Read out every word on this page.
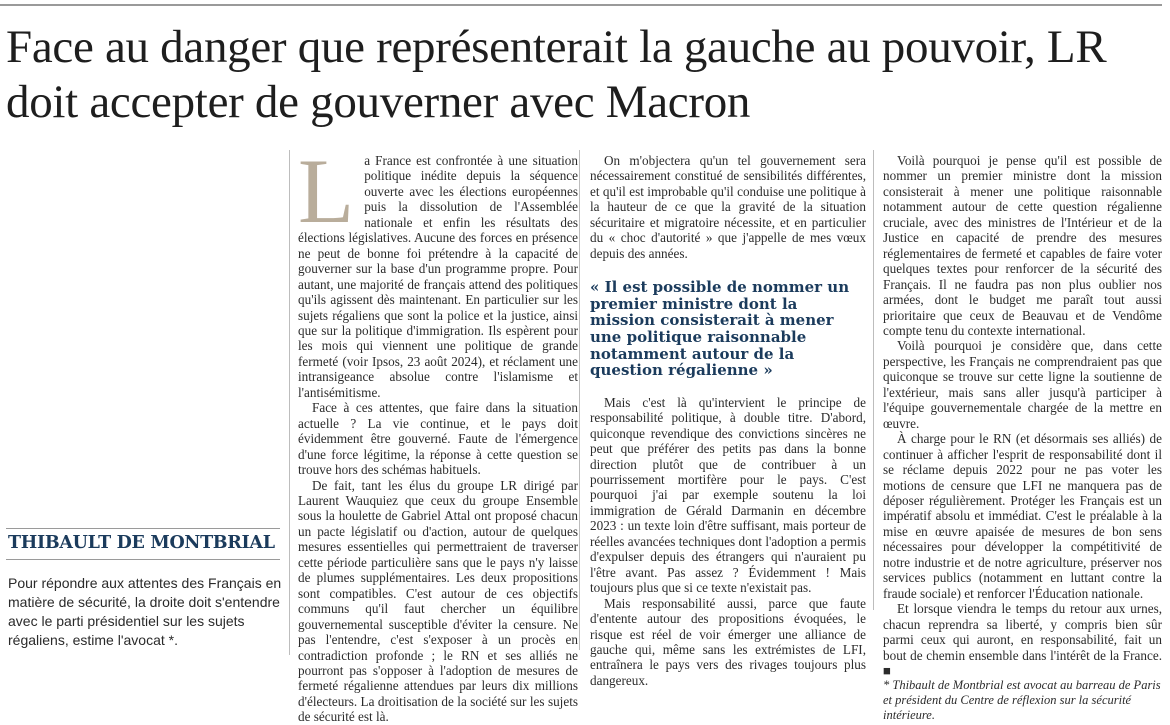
Face au danger que représenterait la gauche au pouvoir, LR doit accepter de gouverner avec Macron
THIBAULT DE MONTBRIAL
Pour répondre aux attentes des Français en matière de sécurité, la droite doit s'entendre avec le parti présidentiel sur les sujets régaliens, estime l'avocat *.

La France est confrontée à une situation politique inédite depuis la séquence ouverte avec les élections européennes puis la dissolution de l'Assemblée nationale et enfin les résultats des élections législatives. Aucune des forces en présence ne peut de bonne foi prétendre à la capacité de gouverner sur la base d'un programme propre. Pour autant, une majorité de français attend des politiques qu'ils agissent dès maintenant. En particulier sur les sujets régaliens que sont la police et la justice, ainsi que sur la politique d'immigration. Ils espèrent pour les mois qui viennent une politique de grande fermeté (voir Ipsos, 23 août 2024), et réclament une intransigeance absolue contre l'islamisme et l'antisémitisme.

Face à ces attentes, que faire dans la situation actuelle ? La vie continue, et le pays doit évidemment être gouverné. Faute de l'émergence d'une force légitime, la réponse à cette question se trouve hors des schémas habituels.

De fait, tant les élus du groupe LR dirigé par Laurent Wauquiez que ceux du groupe Ensemble sous la houlette de Gabriel Attal ont proposé chacun un pacte législatif ou d'action, autour de quelques mesures essentielles qui permettraient de traverser cette période particulière sans que le pays n'y laisse de plumes supplémentaires. Les deux propositions sont compatibles. C'est autour de ces objectifs communs qu'il faut chercher un équilibre gouvernemental susceptible d'éviter la censure. Ne pas l'entendre, c'est s'exposer à un procès en contradiction profonde ; le RN et ses alliés ne pourront pas s'opposer à l'adoption de mesures de fermeté régalienne attendues par leurs dix millions d'électeurs. La droitisation de la société sur les sujets de sécurité est là.

On m'objectera qu'un tel gouvernement sera nécessairement constitué de sensibilités différentes, et qu'il est improbable qu'il conduise une politique à la hauteur de ce que la gravité de la situation sécuritaire et migratoire nécessite, et en particulier du « choc d'autorité » que j'appelle de mes vœux depuis des années.

« Il est possible de nommer un premier ministre dont la mission consisterait à mener une politique raisonnable notamment autour de la question régalienne »

Mais c'est là qu'intervient le principe de responsabilité politique, à double titre. D'abord, quiconque revendique des convictions sincères ne peut que préférer des petits pas dans la bonne direction plutôt que de contribuer à un pourrissement mortifère pour le pays. C'est pourquoi j'ai par exemple soutenu la loi immigration de Gérald Darmanin en décembre 2023 : un texte loin d'être suffisant, mais porteur de réelles avancées techniques dont l'adoption a permis d'expulser depuis des étrangers qui n'auraient pu l'être avant. Pas assez ? Évidemment ! Mais toujours plus que si ce texte n'existait pas.

Mais responsabilité aussi, parce que faute d'entente autour des propositions évoquées, le risque est réel de voir émerger une alliance de gauche qui, même sans les extrémistes de LFI, entraînera le pays vers des rivages toujours plus dangereux.

Voilà pourquoi je pense qu'il est possible de nommer un premier ministre dont la mission consisterait à mener une politique raisonnable notamment autour de cette question régalienne cruciale, avec des ministres de l'Intérieur et de la Justice en capacité de prendre des mesures réglementaires de fermeté et capables de faire voter quelques textes pour renforcer de la sécurité des Français. Il ne faudra pas non plus oublier nos armées, dont le budget me paraît tout aussi prioritaire que ceux de Beauvau et de Vendôme compte tenu du contexte international.

Voilà pourquoi je considère que, dans cette perspective, les Français ne comprendraient pas que quiconque se trouve sur cette ligne la soutienne de l'extérieur, mais sans aller jusqu'à participer à l'équipe gouvernementale chargée de la mettre en œuvre.

À charge pour le RN (et désormais ses alliés) de continuer à afficher l'esprit de responsabilité dont il se réclame depuis 2022 pour ne pas voter les motions de censure que LFI ne manquera pas de déposer régulièrement. Protéger les Français est un impératif absolu et immédiat. C'est le préalable à la mise en œuvre apaisée de mesures de bon sens nécessaires pour développer la compétitivité de notre industrie et de notre agriculture, préserver nos services publics (notamment en luttant contre la fraude sociale) et renforcer l'Éducation nationale.

Et lorsque viendra le temps du retour aux urnes, chacun reprendra sa liberté, y compris bien sûr parmi ceux qui auront, en responsabilité, fait un bout de chemin ensemble dans l'intérêt de la France. ■

* Thibault de Montbrial est avocat au barreau de Paris et président du Centre de réflexion sur la sécurité intérieure.
